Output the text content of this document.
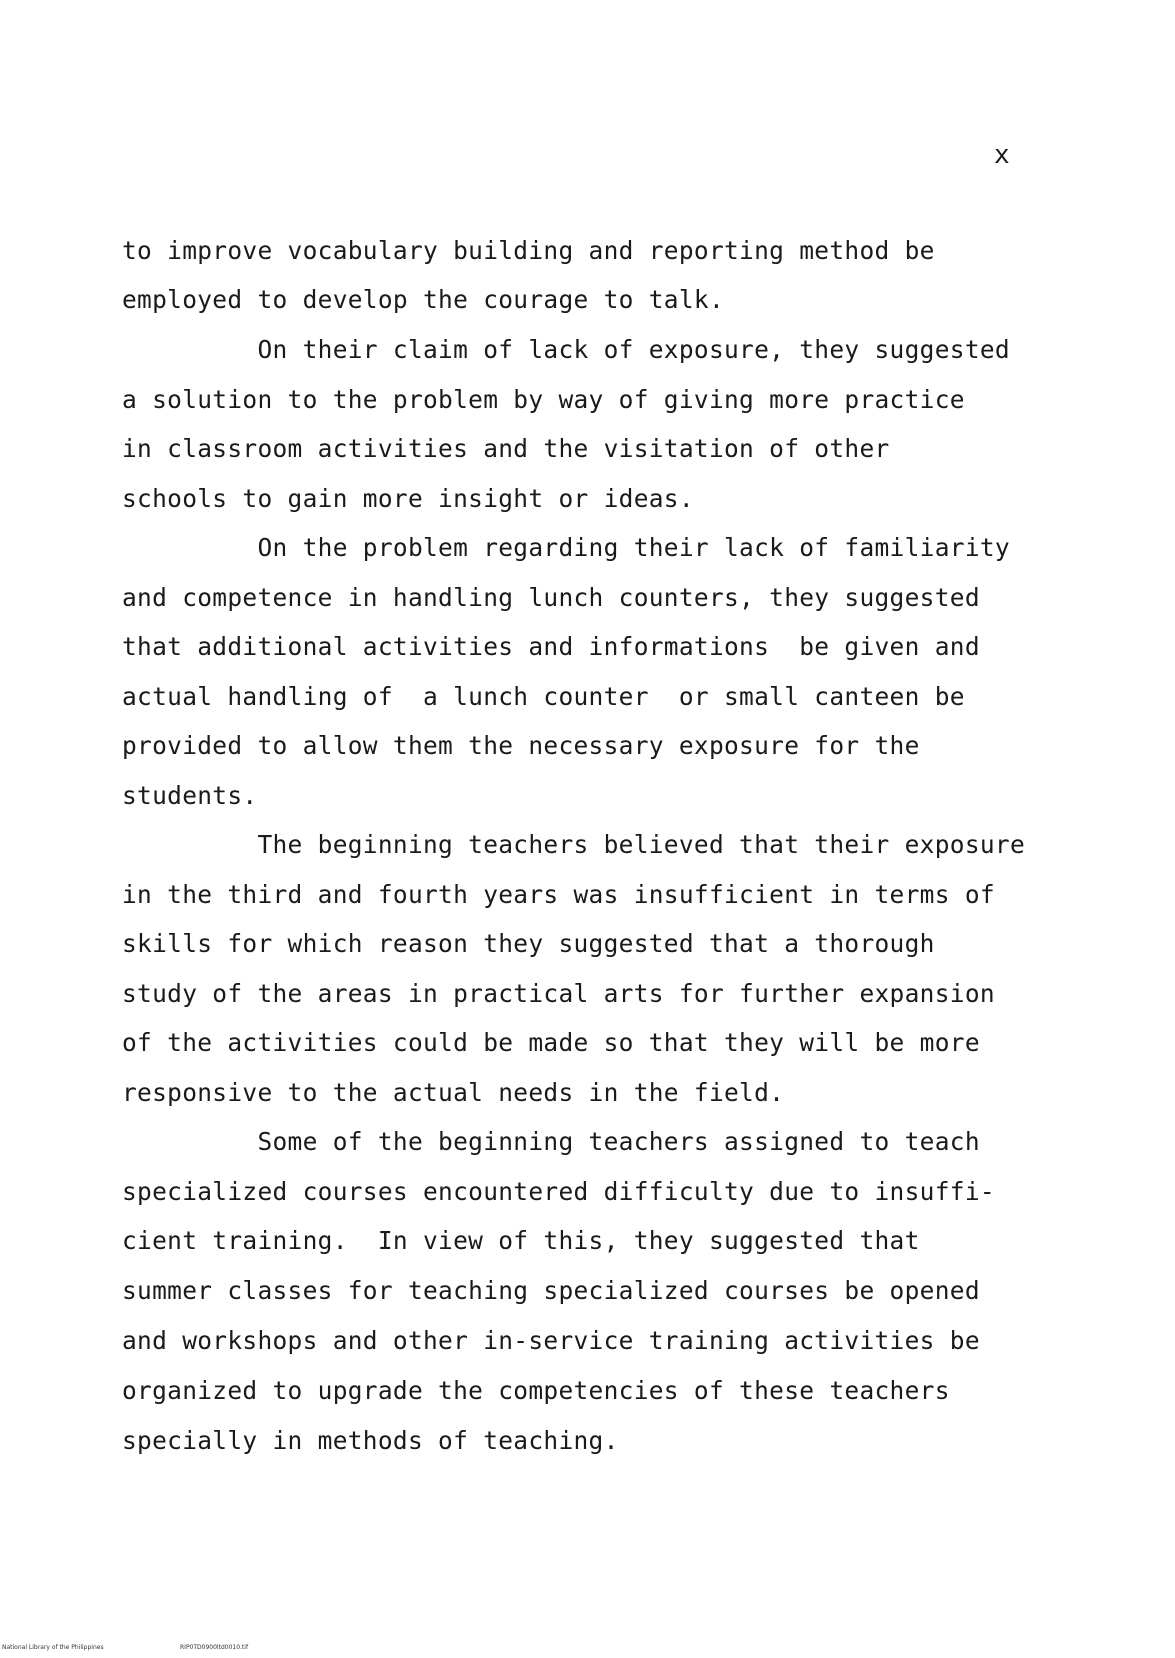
x
to improve vocabulary building and reporting method be
employed to develop the courage to talk.
On their claim of lack of exposure, they suggested
a solution to the problem by way of giving more practice
in classroom activities and the visitation of other
schools to gain more insight or ideas.
On the problem regarding their lack of familiarity
and competence in handling lunch counters, they suggested
that additional activities and informations  be given and
actual handling of  a lunch counter  or small canteen be
provided to allow them the necessary exposure for the
students.
The beginning teachers believed that their exposure
in the third and fourth years was insufficient in terms of
skills for which reason they suggested that a thorough
study of the areas in practical arts for further expansion
of the activities could be made so that they will be more
responsive to the actual needs in the field.
Some of the beginning teachers assigned to teach
specialized courses encountered difficulty due to insuffi-
cient training.  In view of this, they suggested that
summer classes for teaching specialized courses be opened
and workshops and other in-service training activities be
organized to upgrade the competencies of these teachers
specially in methods of teaching.
National Library of the Philippines	RIP0TD0900ltd0010.tif
